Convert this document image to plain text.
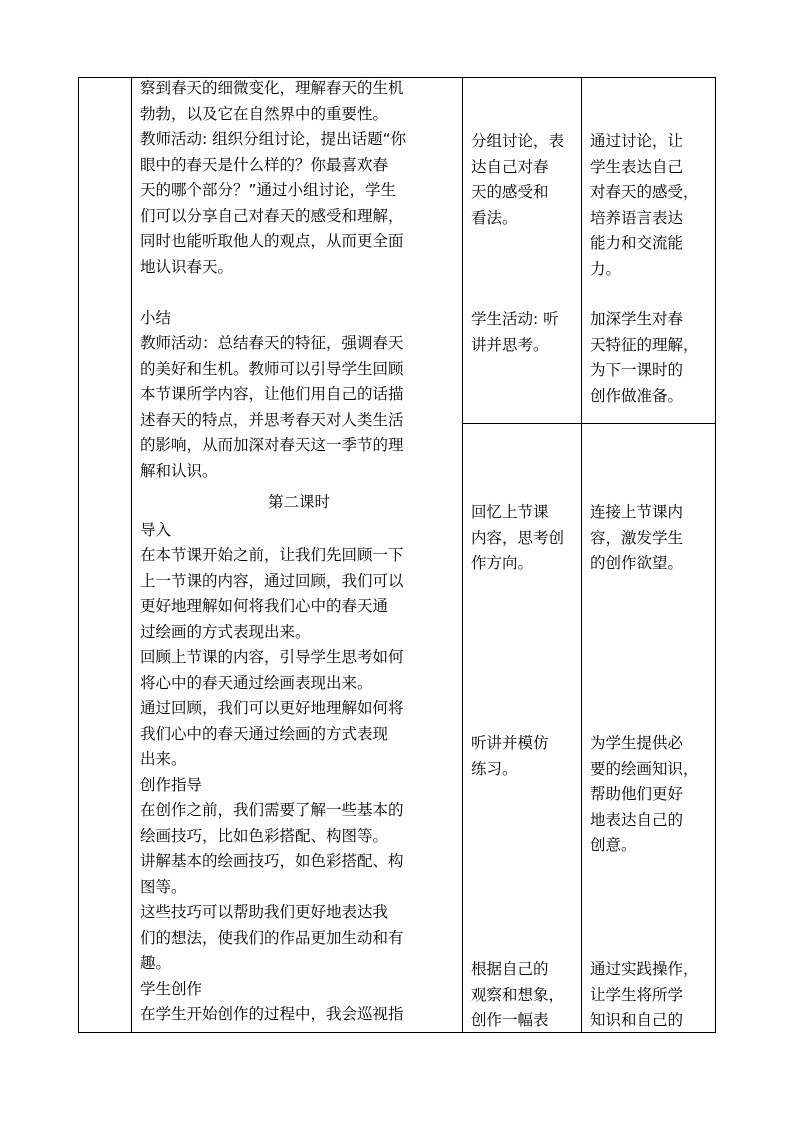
察到春天的细微变化，理解春天的生机

勃勃，以及它在自然界中的重要性。

教师活动: 组织分组讨论，提出话题“你

眼中的春天是什么样的？你最喜欢春

天的哪个部分？”通过小组讨论，学生

们可以分享自己对春天的感受和理解，

同时也能听取他人的观点，从而更全面

地认识春天。

小结

教师活动：总结春天的特征，强调春天

的美好和生机。教师可以引导学生回顾

本节课所学内容，让他们用自己的话描

述春天的特点，并思考春天对人类生活

的影响，从而加深对春天这一季节的理

解和认识。

第二课时

导入

在本节课开始之前，让我们先回顾一下

上一节课的内容，通过回顾，我们可以

更好地理解如何将我们心中的春天通

过绘画的方式表现出来。

回顾上节课的内容，引导学生思考如何

将心中的春天通过绘画表现出来。

通过回顾，我们可以更好地理解如何将

我们心中的春天通过绘画的方式表现

出来。

创作指导

在创作之前，我们需要了解一些基本的

绘画技巧，比如色彩搭配、构图等。

讲解基本的绘画技巧，如色彩搭配、构

图等。

这些技巧可以帮助我们更好地表达我

们的想法，使我们的作品更加生动和有

趣。

学生创作

在学生开始创作的过程中，我会巡视指

分组讨论，表

达自己对春

天的感受和

看法。

学生活动: 听

讲并思考。

回忆上节课

内容，思考创

作方向。

听讲并模仿

练习。

根据自己的

观察和想象，

创作一幅表

通过讨论，让

学生表达自己

对春天的感受，

培养语言表达

能力和交流能

力。

加深学生对春

天特征的理解，

为下一课时的

创作做准备。

连接上节课内

容，激发学生

的创作欲望。

为学生提供必

要的绘画知识，

帮助他们更好

地表达自己的

创意。

通过实践操作，

让学生将所学

知识和自己的
